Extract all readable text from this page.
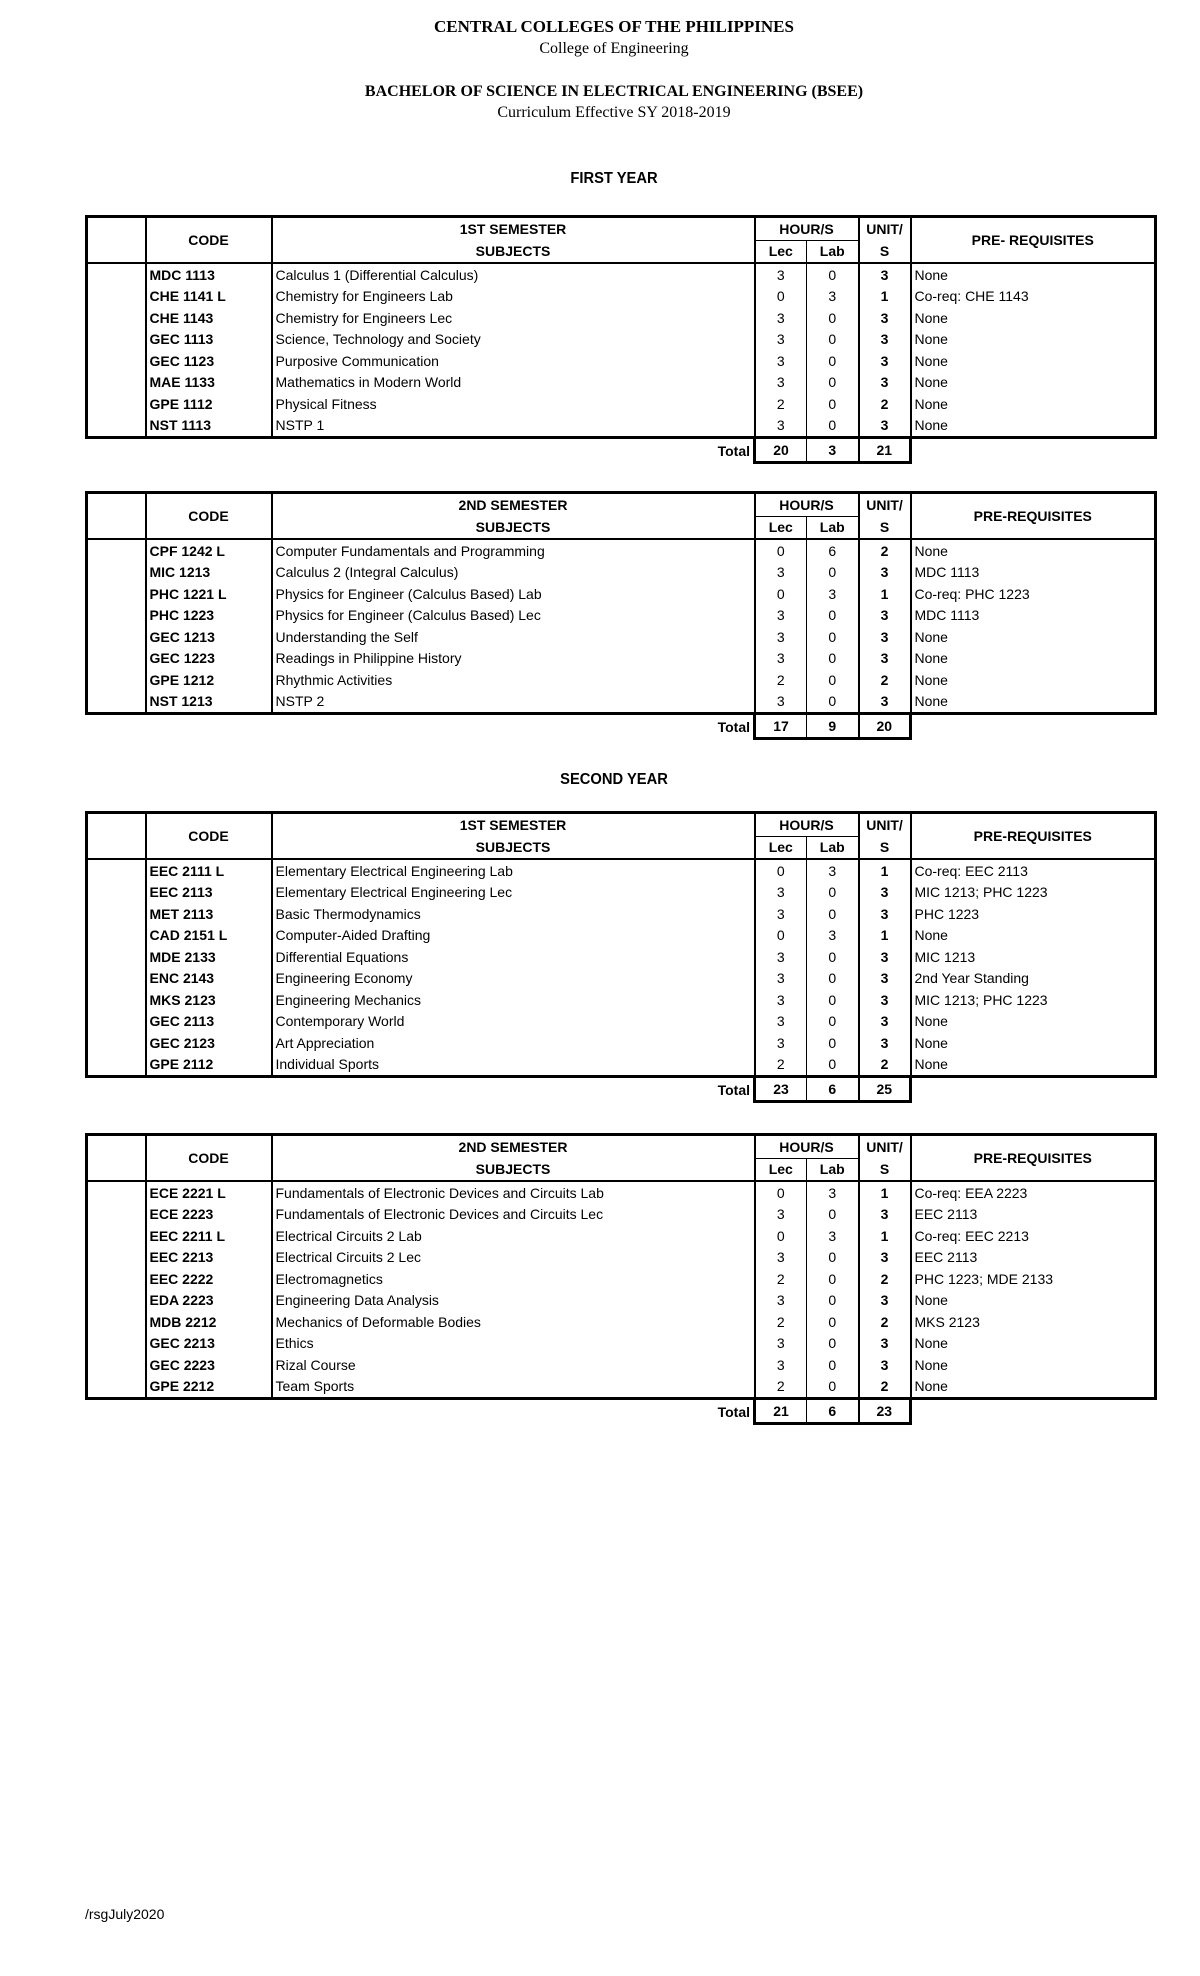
CENTRAL COLLEGES OF THE PHILIPPINES
College of Engineering
BACHELOR OF SCIENCE IN ELECTRICAL ENGINEERING (BSEE)
Curriculum Effective SY 2018-2019
FIRST YEAR
	CODE	1ST SEMESTER	HOUR/S		UNIT/	PRE- REQUISITES
		SUBJECTS	Lec	Lab	S	
	MDC 1113	Calculus 1 (Differential Calculus)	3	0	3	None
	CHE 1141 L	Chemistry for Engineers Lab	0	3	1	Co-req: CHE 1143
	CHE 1143	Chemistry for Engineers Lec	3	0	3	None
	GEC 1113	Science, Technology and Society	3	0	3	None
	GEC 1123	Purposive Communication	3	0	3	None
	MAE 1133	Mathematics in Modern World	3	0	3	None
	GPE 1112	Physical Fitness	2	0	2	None
	NST 1113	NSTP 1	3	0	3	None
		Total	20	3	21	
	CODE	2ND SEMESTER	HOUR/S		UNIT/	PRE-REQUISITES
		SUBJECTS	Lec	Lab	S	
	CPF 1242 L	Computer Fundamentals and Programming	0	6	2	None
	MIC 1213	Calculus 2 (Integral Calculus)	3	0	3	MDC 1113
	PHC 1221 L	Physics for Engineer (Calculus Based) Lab	0	3	1	Co-req: PHC 1223
	PHC 1223	Physics for Engineer (Calculus Based) Lec	3	0	3	MDC 1113
	GEC 1213	Understanding the Self	3	0	3	None
	GEC 1223	Readings in Philippine History	3	0	3	None
	GPE 1212	Rhythmic Activities	2	0	2	None
	NST 1213	NSTP 2	3	0	3	None
		Total	17	9	20	
SECOND YEAR
	CODE	1ST SEMESTER	HOUR/S		UNIT/	PRE-REQUISITES
		SUBJECTS	Lec	Lab	S	
	EEC 2111 L	Elementary Electrical Engineering Lab	0	3	1	Co-req: EEC 2113
	EEC 2113	Elementary Electrical Engineering Lec	3	0	3	MIC 1213; PHC 1223
	MET 2113	Basic Thermodynamics	3	0	3	PHC 1223
	CAD 2151 L	Computer-Aided Drafting	0	3	1	None
	MDE 2133	Differential Equations	3	0	3	MIC 1213
	ENC 2143	Engineering Economy	3	0	3	2nd Year Standing
	MKS 2123	Engineering Mechanics	3	0	3	MIC 1213; PHC 1223
	GEC 2113	Contemporary World	3	0	3	None
	GEC 2123	Art Appreciation	3	0	3	None
	GPE 2112	Individual Sports	2	0	2	None
		Total	23	6	25	
	CODE	2ND SEMESTER	HOUR/S		UNIT/	PRE-REQUISITES
		SUBJECTS	Lec	Lab	S	
	ECE 2221 L	Fundamentals of Electronic Devices and Circuits Lab	0	3	1	Co-req: EEA 2223
	ECE 2223	Fundamentals of Electronic Devices and Circuits Lec	3	0	3	EEC 2113
	EEC 2211 L	Electrical Circuits 2 Lab	0	3	1	Co-req: EEC 2213
	EEC 2213	Electrical Circuits 2 Lec	3	0	3	EEC 2113
	EEC 2222	Electromagnetics	2	0	2	PHC 1223; MDE 2133
	EDA 2223	Engineering Data Analysis	3	0	3	None
	MDB 2212	Mechanics of Deformable Bodies	2	0	2	MKS 2123
	GEC 2213	Ethics	3	0	3	None
	GEC 2223	Rizal Course	3	0	3	None
	GPE 2212	Team Sports	2	0	2	None
		Total	21	6	23	
/rsgJuly2020
